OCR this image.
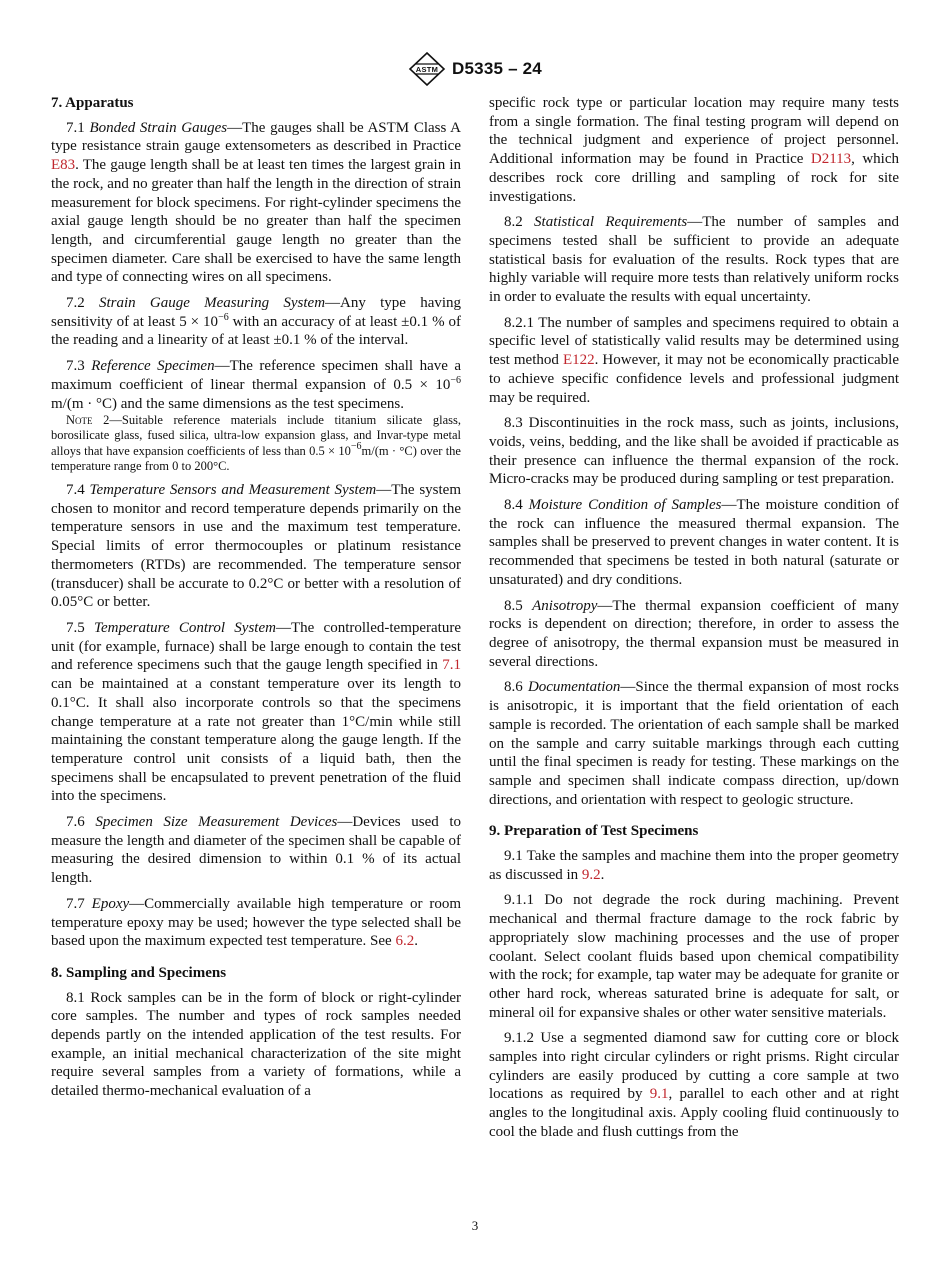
ASTM D5335 – 24
7. Apparatus

7.1 Bonded Strain Gauges—The gauges shall be ASTM Class A type resistance strain gauge extensometers as described in Practice E83. The gauge length shall be at least ten times the largest grain in the rock, and no greater than half the length in the direction of strain measurement for block specimens. For right-cylinder specimens the axial gauge length should be no greater than half the specimen length, and circumferential gauge length no greater than the specimen diameter. Care shall be exercised to have the same length and type of connecting wires on all specimens.

7.2 Strain Gauge Measuring System—Any type having sensitivity of at least $5 \times 10^{-6}$ with an accuracy of at least ±0.1 % of the reading and a linearity of at least ±0.1 % of the interval.

7.3 Reference Specimen—The reference specimen shall have a maximum coefficient of linear thermal expansion of $0.5 \times 10^{-6}$ m/(m · °C) and the same dimensions as the test specimens.

Note 2—Suitable reference materials include titanium silicate glass, borosilicate glass, fused silica, ultra-low expansion glass, and Invar-type metal alloys that have expansion coefficients of less than $0.5 \times 10^{-6}m/(m \cdot ^\circ C)$ over the temperature range from 0 to 200°C.

7.4 Temperature Sensors and Measurement System—The system chosen to monitor and record temperature depends primarily on the temperature sensors in use and the maximum test temperature. Special limits of error thermocouples or platinum resistance thermometers (RTDs) are recommended. The temperature sensor (transducer) shall be accurate to 0.2°C or better with a resolution of 0.05°C or better.

7.5 Temperature Control System—The controlled-temperature unit (for example, furnace) shall be large enough to contain the test and reference specimens such that the gauge length specified in 7.1 can be maintained at a constant temperature over its length to 0.1°C. It shall also incorporate controls so that the specimens change temperature at a rate not greater than 1°C/min while still maintaining the constant temperature along the gauge length. If the temperature control unit consists of a liquid bath, then the specimens shall be encapsulated to prevent penetration of the fluid into the specimens.

7.6 Specimen Size Measurement Devices—Devices used to measure the length and diameter of the specimen shall be capable of measuring the desired dimension to within 0.1 % of its actual length.

7.7 Epoxy—Commercially available high temperature or room temperature epoxy may be used; however the type selected shall be based upon the maximum expected test temperature. See 6.2.

8. Sampling and Specimens

8.1 Rock samples can be in the form of block or right-cylinder core samples. The number and types of rock samples needed depends partly on the intended application of the test results. For example, an initial mechanical characterization of the site might require several samples from a variety of formations, while a detailed thermo-mechanical evaluation of a

specific rock type or particular location may require many tests from a single formation. The final testing program will depend on the technical judgment and experience of project personnel. Additional information may be found in Practice D2113, which describes rock core drilling and sampling of rock for site investigations.

8.2 Statistical Requirements—The number of samples and specimens tested shall be sufficient to provide an adequate statistical basis for evaluation of the results. Rock types that are highly variable will require more tests than relatively uniform rocks in order to evaluate the results with equal uncertainty.

8.2.1 The number of samples and specimens required to obtain a specific level of statistically valid results may be determined using test method E122. However, it may not be economically practicable to achieve specific confidence levels and professional judgment may be required.

8.3 Discontinuities in the rock mass, such as joints, inclusions, voids, veins, bedding, and the like shall be avoided if practicable as their presence can influence the thermal expansion of the rock. Micro-cracks may be produced during sampling or test preparation.

8.4 Moisture Condition of Samples—The moisture condition of the rock can influence the measured thermal expansion. The samples shall be preserved to prevent changes in water content. It is recommended that specimens be tested in both natural (saturate or unsaturated) and dry conditions.

8.5 Anisotropy—The thermal expansion coefficient of many rocks is dependent on direction; therefore, in order to assess the degree of anisotropy, the thermal expansion must be measured in several directions.

8.6 Documentation—Since the thermal expansion of most rocks is anisotropic, it is important that the field orientation of each sample is recorded. The orientation of each sample shall be marked on the sample and carry suitable markings through each cutting until the final specimen is ready for testing. These markings on the sample and specimen shall indicate compass direction, up/down directions, and orientation with respect to geologic structure.

9. Preparation of Test Specimens

9.1 Take the samples and machine them into the proper geometry as discussed in 9.2.

9.1.1 Do not degrade the rock during machining. Prevent mechanical and thermal fracture damage to the rock fabric by appropriately slow machining processes and the use of proper coolant. Select coolant fluids based upon chemical compatibility with the rock; for example, tap water may be adequate for granite or other hard rock, whereas saturated brine is adequate for salt, or mineral oil for expansive shales or other water sensitive materials.

9.1.2 Use a segmented diamond saw for cutting core or block samples into right circular cylinders or right prisms. Right circular cylinders are easily produced by cutting a core sample at two locations as required by 9.1, parallel to each other and at right angles to the longitudinal axis. Apply cooling fluid continuously to cool the blade and flush cuttings from the

3
